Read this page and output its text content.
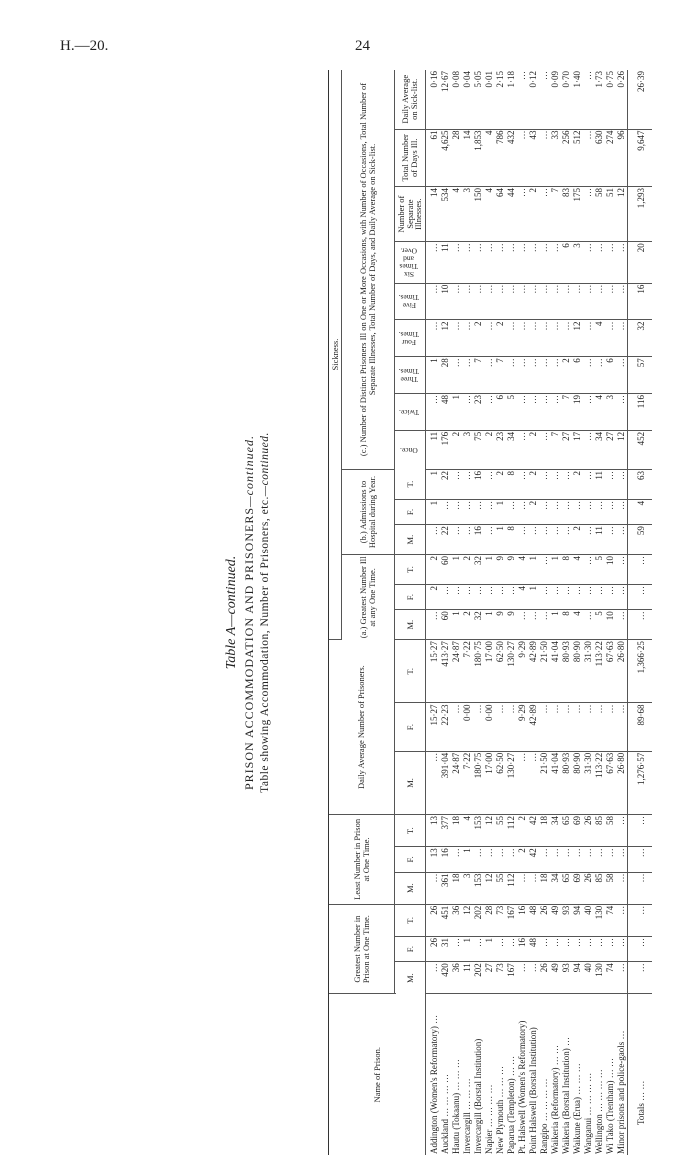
H.—20.	24
Table A—continued. PRISON ACCOMMODATION AND PRISONERS—continued.
Table showing Accommodation, Number of Prisoners, etc.—continued.
Name of Prison.	Greatest Number in Prison at One Time.			Least Number in Prison at One Time.			Daily Average Number of Prisoners.			Sickness.														
										(a.) Greatest Number Ill at any One Time.			(b.) Admissions to Hospital during Year.			(c.) Number of Distinct Prisoners Ill on One or More Occasions, with Number of Occasions, Total Number of Separate Illnesses, Total Number of Days, and Daily Average on Sick-list.								
																Once.	Twice.	Three Times.	Four Times.	Five Times.	Six Times and Over.	Number of Separate Illnesses.	Total Number of Days Ill.	Daily Average on Sick-list.
	M.	F.	T.	M.	F.	T.	M.	F.	T.	M.	F.	T.	M.	F.	T.									
Addington (Women's Reformatory) …	…	26	26	…	13	13	…	15·27	15·27	…	2	2	…	1	1	11	…	1	…	…	…	14	61	0·16
Auckland … … … …	420	31	451	361	16	377	391·04	22·23	413·27	60	…	60	22	…	22	176	48	28	12	10	11	534	4,625	12·67
Hautu (Tokaanu) … … …	36	…	36	18	…	18	24·87	…	24·87	1	…	1	…	…	…	2	1	…	…	…	…	4	28	0·08
Invercargill … … …	11	1	12	3	1	4	7·22	0·00	7·22	2	…	2	…	…	…	3	…	…	…	…	…	3	14	0·04
Invercargill (Borstal Institution)	202	…	202	153	…	153	180·75	…	180·75	32	…	32	16	…	16	75	23	7	2	…	…	150	1,853	5·05
Napier … … … …	27	1	28	12	…	12	17·00	0·00	17·00	1	…	1	…	…	…	2	…	…	…	…	…	4	4	0·01
New Plymouth … … …	73	…	73	55	…	55	62·50	…	62·50	9	…	9	1	1	2	23	6	7	2	…	…	64	786	2·15
Paparua (Templeton) … …	167	…	167	112	…	112	130·27	…	130·27	9	…	9	8	…	8	34	5	…	…	…	…	44	432	1·18
Pt. Halswell (Women's Reformatory)	…	16	16	…	2	2	…	9·29	9·29	…	4	4	…	…	…	…	…	…	…	…	…	…	…	…
Point Halswell (Borstal Institution)	…	48	48	…	42	42	…	42·89	42·89	…	1	1	…	2	2	2	…	…	…	…	…	2	43	0·12
Rangipo … … … …	26	…	26	18	…	18	21·50	…	21·50	…	…	…	…	…	…	…	…	…	…	…	…	…	…	…
Waikeria (Reformatory) … …	49	…	49	34	…	34	41·04	…	41·04	1	…	1	…	…	…	7	…	…	…	…	…	7	33	0·09
Waikeria (Borstal Institution) …	93	…	93	65	…	65	80·93	…	80·93	8	…	8	…	…	…	27	7	2	…	…	6	83	256	0·70
Waikune (Erua) … … …	94	…	94	69	…	69	80·90	…	80·90	4	…	4	2	…	2	17	19	6	12	…	3	175	512	1·40
Wanganui … … … …	40	…	40	26	…	26	31·30	…	31·30	…	…	…	…	…	…	…	…	…	…	…	…	…	…	…
Wellington … … … …	130	…	130	85	…	85	113·22	…	113·22	5	…	5	11	…	11	34	4	…	4	…	…	58	630	1·73
Wi Tako (Trentham) … …	74	…	74	58	…	58	67·63	…	67·63	10	…	10	…	…	…	27	3	6	…	…	…	51	274	0·75
Minor prisons and police-gaols …	…	…	…	…	…	…	26·80	…	26·80	…	…	…	…	…	…	12	…	…	…	…	…	12	96	0·26
Totals … …	…	…	…	…	…	…	1,276·57	89·68	1,366·25	…	…	…	59	4	63	452	116	57	32	16	20	1,293	9,647	26·39
